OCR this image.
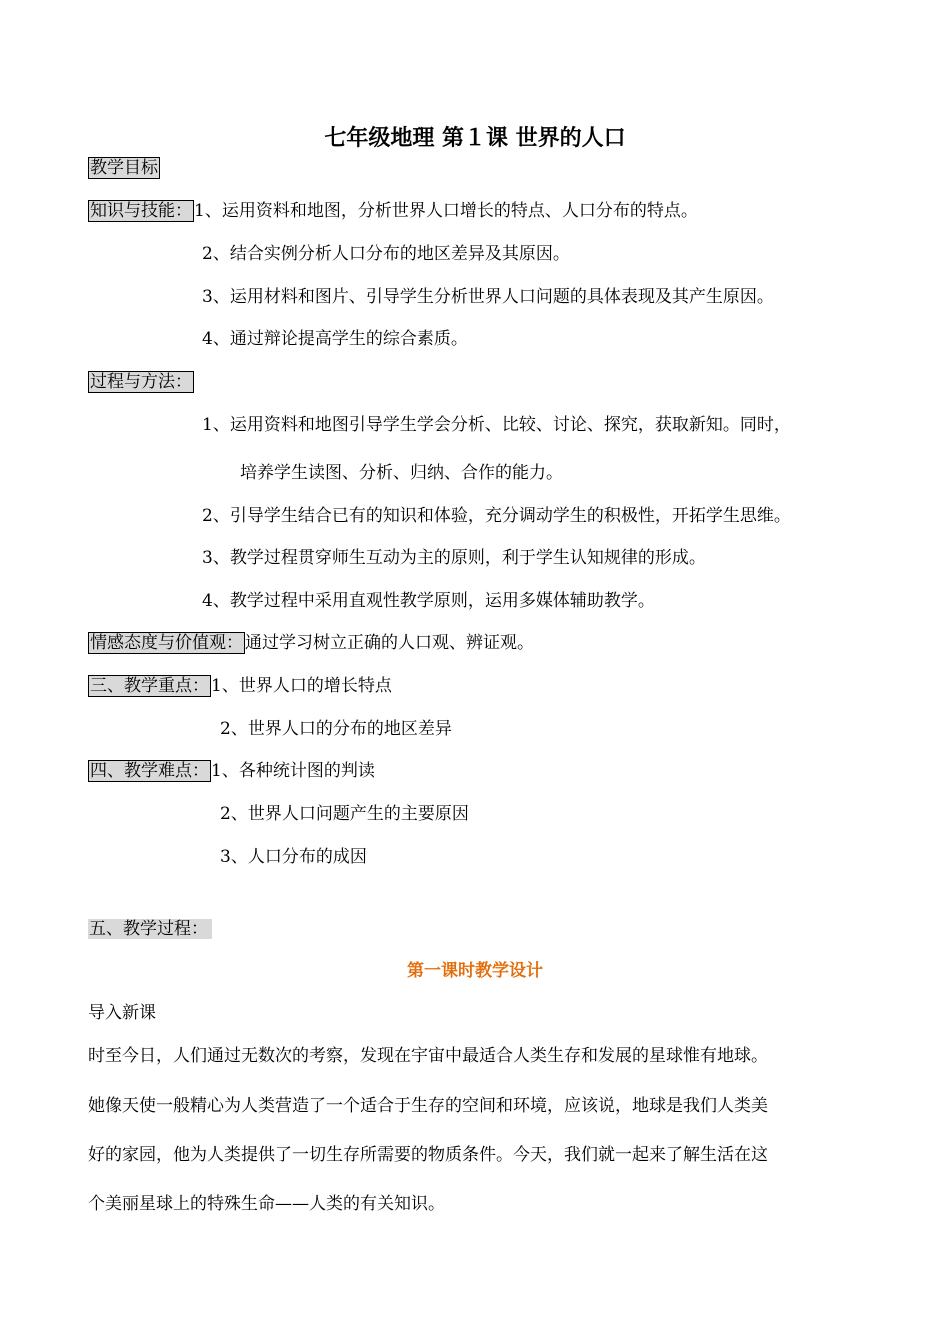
七年级地理 第１课 世界的人口
教学目标
知识与技能： 1、运用资料和地图，分析世界人口增长的特点、人口分布的特点。
2、结合实例分析人口分布的地区差异及其原因。
3、运用材料和图片、引导学生分析世界人口问题的具体表现及其产生原因。
4、通过辩论提高学生的综合素质。
过程与方法：
1、运用资料和地图引导学生学会分析、比较、讨论、探究，获取新知。同时，
培养学生读图、分析、归纳、合作的能力。
2、引导学生结合已有的知识和体验，充分调动学生的积极性，开拓学生思维。
3、教学过程贯穿师生互动为主的原则，利于学生认知规律的形成。
4、教学过程中采用直观性教学原则，运用多媒体辅助教学。
情感态度与价值观： 通过学习树立正确的人口观、辨证观。
三、教学重点： 1、世界人口的增长特点
2、世界人口的分布的地区差异
四、教学难点： 1、各种统计图的判读
2、世界人口问题产生的主要原因
3、人口分布的成因
五、教学过程：
第一课时教学设计
导入新课
时至今日，人们通过无数次的考察，发现在宇宙中最适合人类生存和发展的星球惟有地球。
她像天使一般精心为人类营造了一个适合于生存的空间和环境，应该说，地球是我们人类美
好的家园，他为人类提供了一切生存所需要的物质条件。今天，我们就一起来了解生活在这
个美丽星球上的特殊生命——人类的有关知识。
